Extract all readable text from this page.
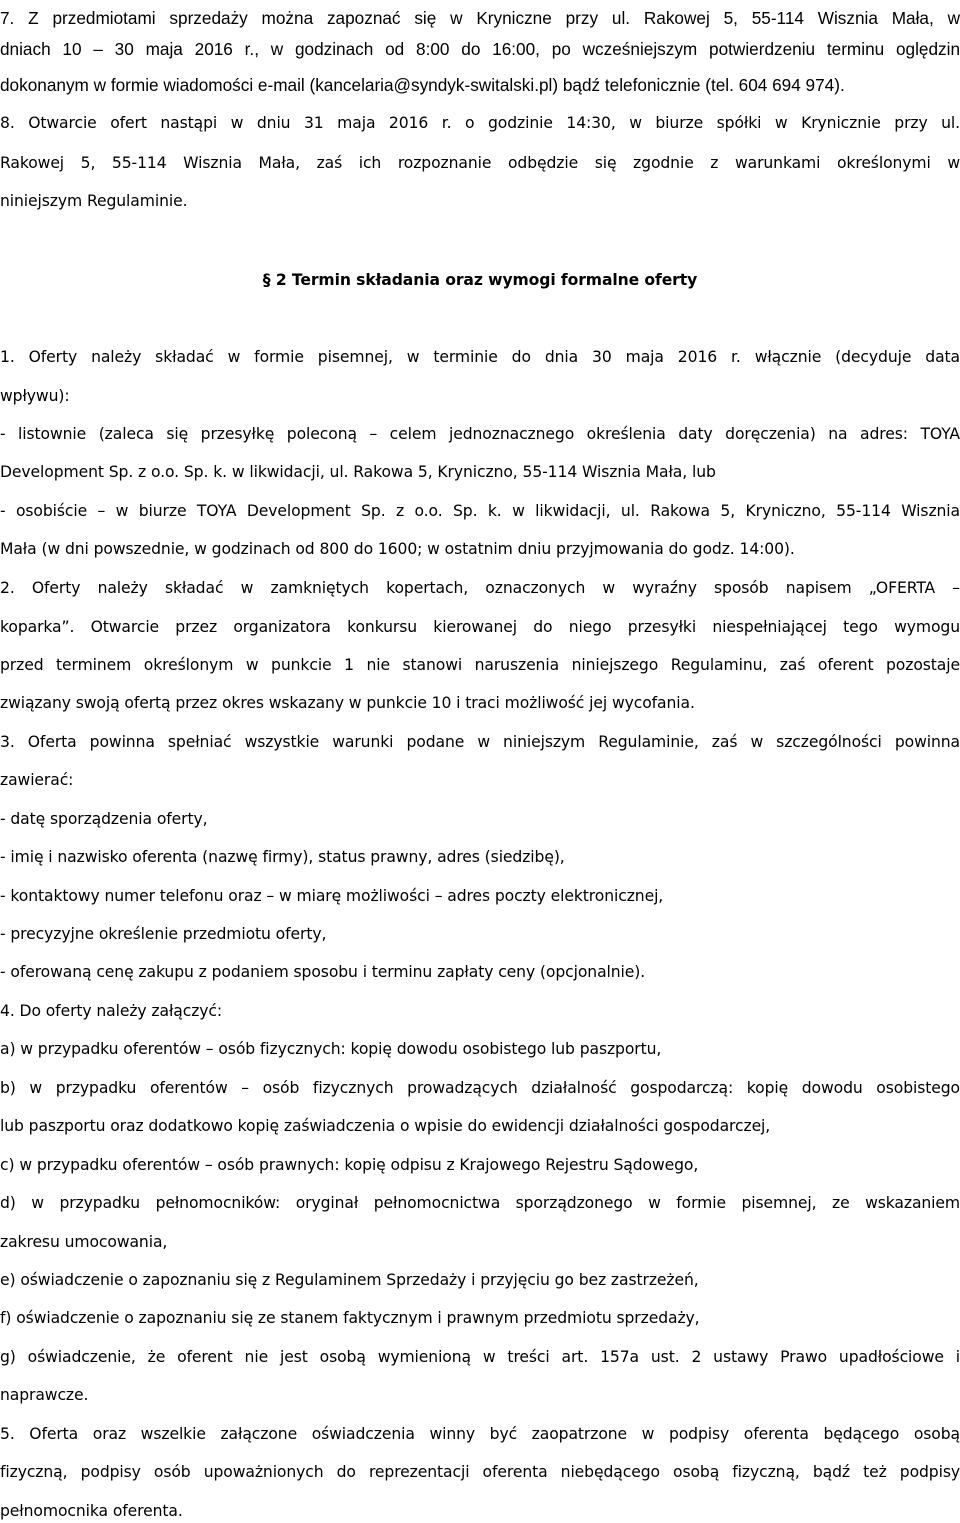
7. Z przedmiotami sprzedaży można zapoznać się w Kryniczne przy ul. Rakowej 5, 55-114 Wisznia Mała, w
dniach 10 – 30 maja 2016 r., w godzinach od 8:00 do 16:00, po wcześniejszym potwierdzeniu terminu oględzin
dokonanym w formie wiadomości e-mail (kancelaria@syndyk-switalski.pl) bądź telefonicznie (tel. 604 694 974).
8. Otwarcie ofert nastąpi w dniu 31 maja 2016 r. o godzinie 14:30, w biurze spółki w Krynicznie przy ul.
Rakowej 5, 55-114 Wisznia Mała, zaś ich rozpoznanie odbędzie się zgodnie z warunkami określonymi w
niniejszym Regulaminie.
§ 2 Termin składania oraz wymogi formalne oferty
1. Oferty należy składać w formie pisemnej, w terminie do dnia 30 maja 2016 r. włącznie (decyduje data
wpływu):
- listownie (zaleca się przesyłkę poleconą – celem jednoznacznego określenia daty doręczenia) na adres: TOYA
Development Sp. z o.o. Sp. k. w likwidacji, ul. Rakowa 5, Kryniczno, 55-114 Wisznia Mała, lub
- osobiście – w biurze TOYA Development Sp. z o.o. Sp. k. w likwidacji, ul. Rakowa 5, Kryniczno, 55-114 Wisznia
Mała (w dni powszednie, w godzinach od 800 do 1600; w ostatnim dniu przyjmowania do godz. 14:00).
2. Oferty należy składać w zamkniętych kopertach, oznaczonych w wyraźny sposób napisem „OFERTA –
koparka”. Otwarcie przez organizatora konkursu kierowanej do niego przesyłki niespełniającej tego wymogu
przed terminem określonym w punkcie 1 nie stanowi naruszenia niniejszego Regulaminu, zaś oferent pozostaje
związany swoją ofertą przez okres wskazany w punkcie 10 i traci możliwość jej wycofania.
3. Oferta powinna spełniać wszystkie warunki podane w niniejszym Regulaminie, zaś w szczególności powinna
zawierać:
- datę sporządzenia oferty,
- imię i nazwisko oferenta (nazwę firmy), status prawny, adres (siedzibę),
- kontaktowy numer telefonu oraz – w miarę możliwości – adres poczty elektronicznej,
- precyzyjne określenie przedmiotu oferty,
- oferowaną cenę zakupu z podaniem sposobu i terminu zapłaty ceny (opcjonalnie).
4. Do oferty należy załączyć:
a) w przypadku oferentów – osób fizycznych: kopię dowodu osobistego lub paszportu,
b) w przypadku oferentów – osób fizycznych prowadzących działalność gospodarczą: kopię dowodu osobistego
lub paszportu oraz dodatkowo kopię zaświadczenia o wpisie do ewidencji działalności gospodarczej,
c) w przypadku oferentów – osób prawnych: kopię odpisu z Krajowego Rejestru Sądowego,
d) w przypadku pełnomocników: oryginał pełnomocnictwa sporządzonego w formie pisemnej, ze wskazaniem
zakresu umocowania,
e) oświadczenie o zapoznaniu się z Regulaminem Sprzedaży i przyjęciu go bez zastrzeżeń,
f) oświadczenie o zapoznaniu się ze stanem faktycznym i prawnym przedmiotu sprzedaży,
g) oświadczenie, że oferent nie jest osobą wymienioną w treści art. 157a ust. 2 ustawy Prawo upadłościowe i
naprawcze.
5. Oferta oraz wszelkie załączone oświadczenia winny być zaopatrzone w podpisy oferenta będącego osobą
fizyczną, podpisy osób upoważnionych do reprezentacji oferenta niebędącego osobą fizyczną, bądź też podpisy
pełnomocnika oferenta.
